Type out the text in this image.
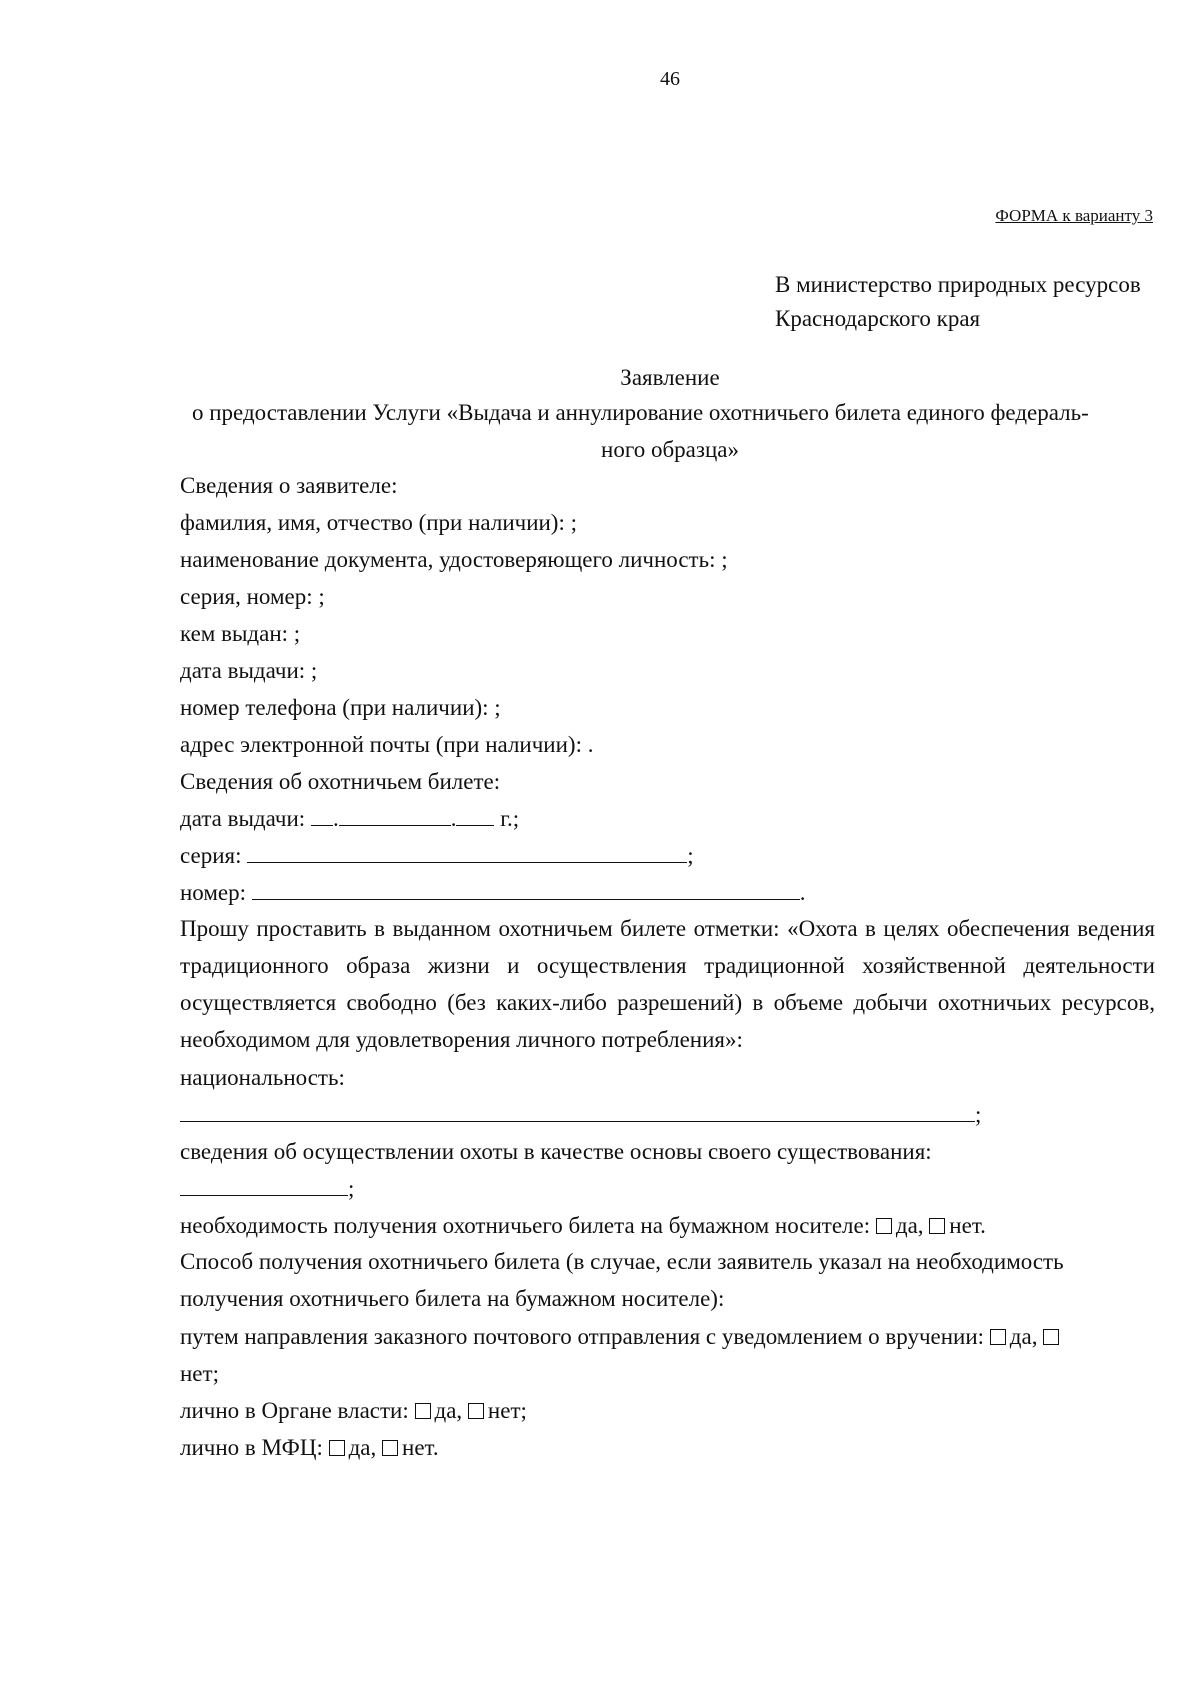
46
ФОРМА к варианту 3
В министерство природных ресурсов
Краснодарского края
Заявление
о предоставлении Услуги «Выдача и аннулирование охотничьего билета единого федераль-
ного образца»
Сведения о заявителе:
фамилия, имя, отчество (при наличии): ;
наименование документа, удостоверяющего личность: ;
серия, номер: ;
кем выдан: ;
дата выдачи: ;
номер телефона (при наличии): ;
адрес электронной почты (при наличии): .
Сведения об охотничьем билете:
дата выдачи: .	. г.;
серия:	;
номер:	.
Прошу проставить в выданном охотничьем билете отметки: «Охота в целях обеспечения ведения традиционного образа жизни и осуществления традиционной хозяйственной деятельности осуществляется свободно (без каких-либо разрешений) в объеме добычи охотничьих ресурсов, необходимом для удовлетворения личного потребления»:
национальность:
;
сведения об осуществлении охоты в качестве основы своего существования:
;
необходимость получения охотничьего билета на бумажном носителе: да, нет.
Способ получения охотничьего билета (в случае, если заявитель указал на необходимость получения охотничьего билета на бумажном носителе):
путем направления заказного почтового отправления с уведомлением о вручении: да,
нет;
лично в Органе власти: да, нет;
лично в МФЦ: да, нет.
